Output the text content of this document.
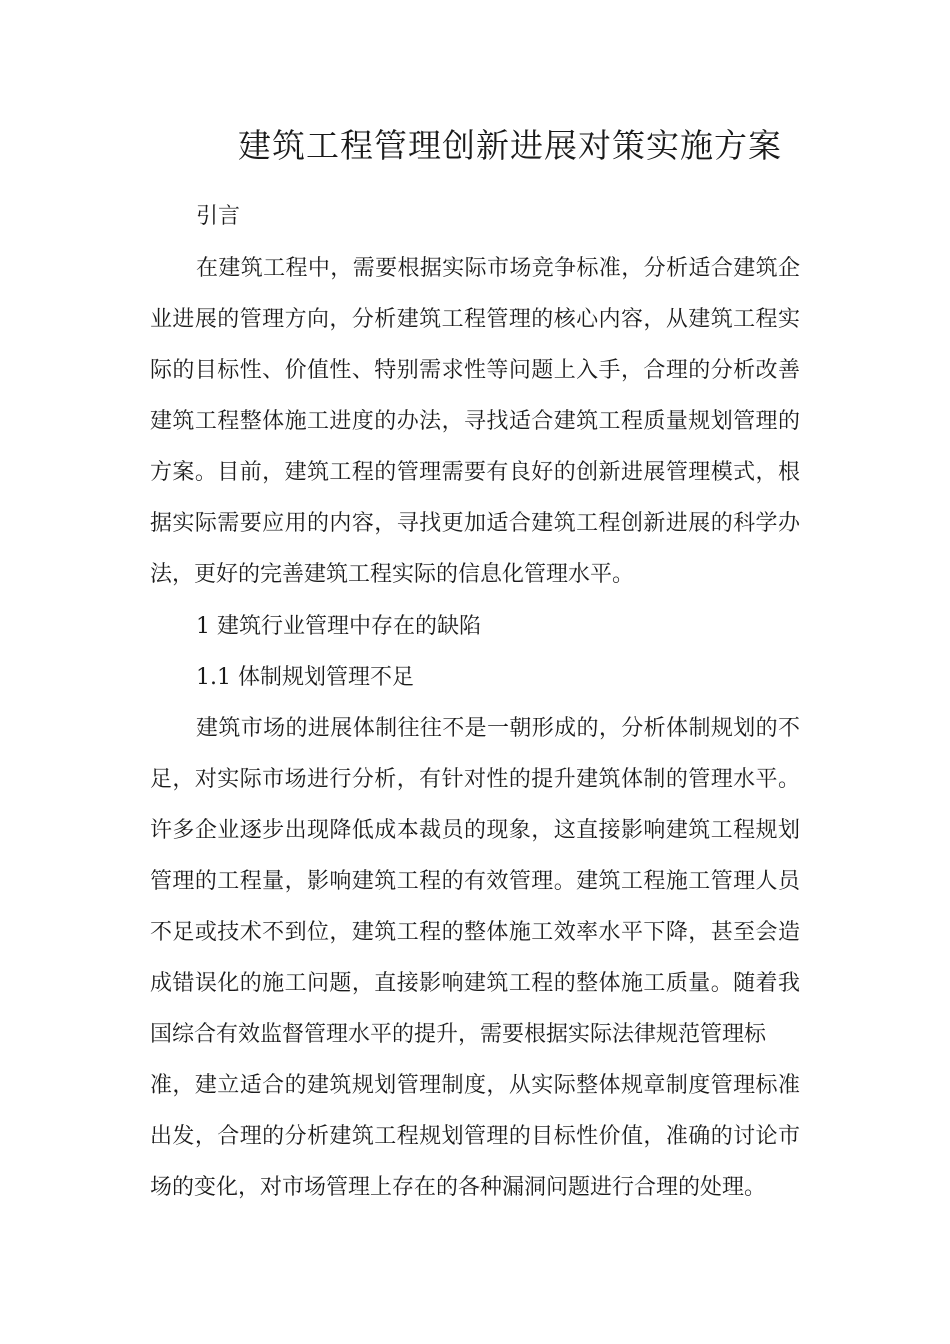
建筑工程管理创新进展对策实施方案

引言

在建筑工程中，需要根据实际市场竞争标准，分析适合建筑企

业进展的管理方向，分析建筑工程管理的核心内容，从建筑工程实

际的目标性、价值性、特别需求性等问题上入手，合理的分析改善

建筑工程整体施工进度的办法，寻找适合建筑工程质量规划管理的

方案。目前，建筑工程的管理需要有良好的创新进展管理模式，根

据实际需要应用的内容，寻找更加适合建筑工程创新进展的科学办

法，更好的完善建筑工程实际的信息化管理水平。

1 建筑行业管理中存在的缺陷

1.1 体制规划管理不足

建筑市场的进展体制往往不是一朝形成的，分析体制规划的不

足，对实际市场进行分析，有针对性的提升建筑体制的管理水平。

许多企业逐步出现降低成本裁员的现象，这直接影响建筑工程规划

管理的工程量，影响建筑工程的有效管理。建筑工程施工管理人员

不足或技术不到位，建筑工程的整体施工效率水平下降，甚至会造

成错误化的施工问题，直接影响建筑工程的整体施工质量。随着我

国综合有效监督管理水平的提升，需要根据实际法律规范管理标

准，建立适合的建筑规划管理制度，从实际整体规章制度管理标准

出发，合理的分析建筑工程规划管理的目标性价值，准确的讨论市

场的变化，对市场管理上存在的各种漏洞问题进行合理的处理。
